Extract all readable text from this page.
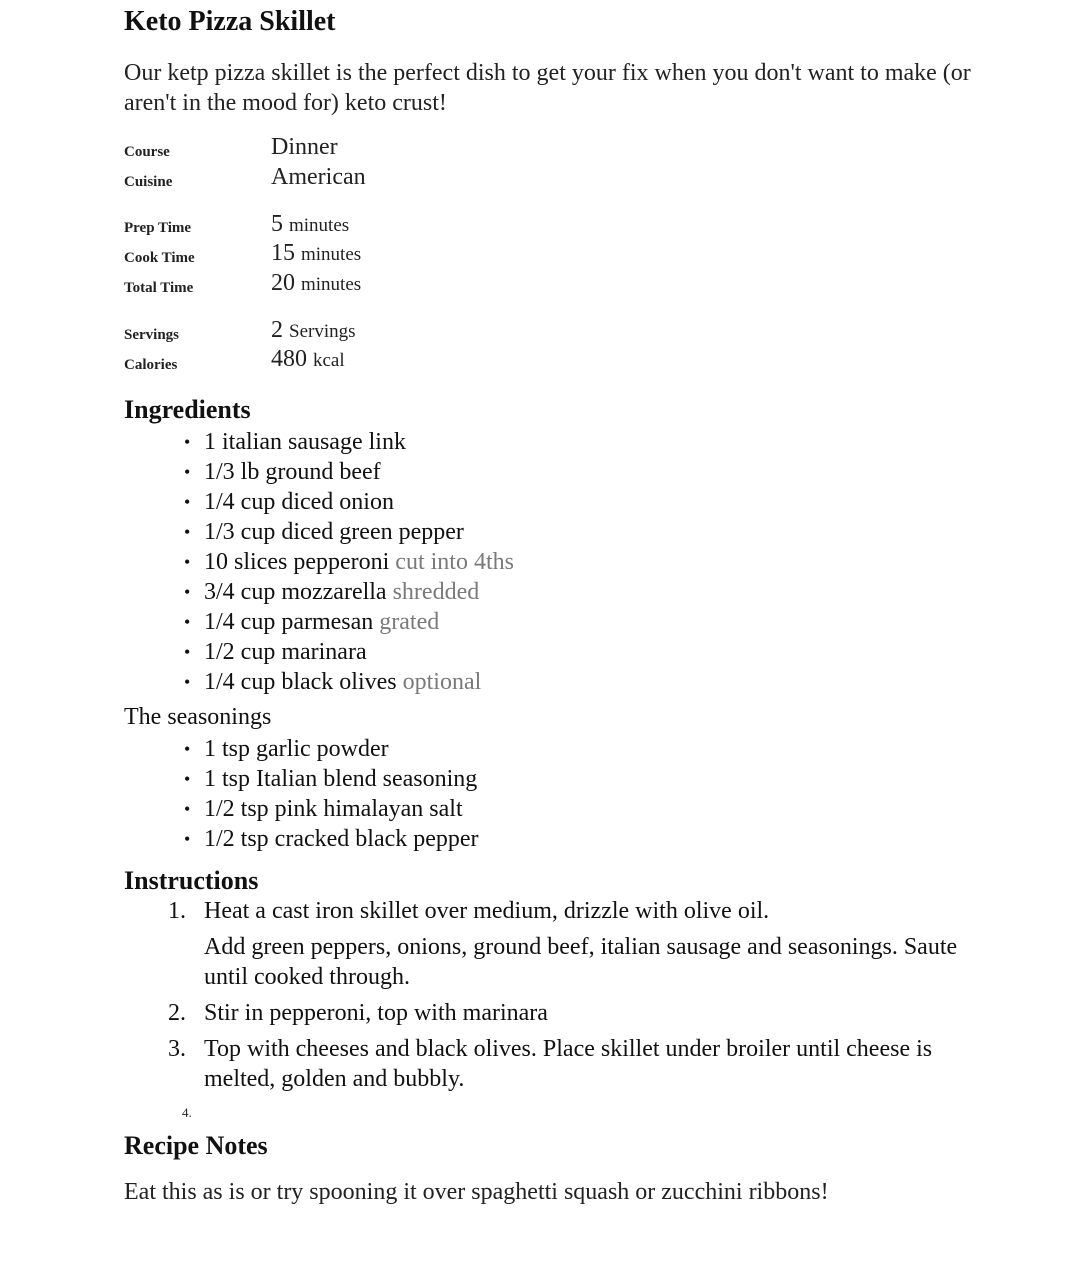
Keto Pizza Skillet
Our ketp pizza skillet is the perfect dish to get your fix when you don't want to make (or aren't in the mood for) keto crust!
Course	Dinner
Cuisine	American
Prep Time	5 minutes
Cook Time	15 minutes
Total Time	20 minutes
Servings	2 Servings
Calories	480 kcal
Ingredients
• 1 italian sausage link
• 1/3 lb ground beef
• 1/4 cup diced onion
• 1/3 cup diced green pepper
• 10 slices pepperoni cut into 4ths
• 3/4 cup mozzarella shredded
• 1/4 cup parmesan grated
• 1/2 cup marinara
• 1/4 cup black olives optional
The seasonings
• 1 tsp garlic powder
• 1 tsp Italian blend seasoning
• 1/2 tsp pink himalayan salt
• 1/2 tsp cracked black pepper
Instructions
1. Heat a cast iron skillet over medium, drizzle with olive oil.

Add green peppers, onions, ground beef, italian sausage and seasonings. Saute until cooked through.

2. Stir in pepperoni, top with marinara

3. Top with cheeses and black olives. Place skillet under broiler until cheese is melted, golden and bubbly.

4.

Recipe Notes
Eat this as is or try spooning it over spaghetti squash or zucchini ribbons!
